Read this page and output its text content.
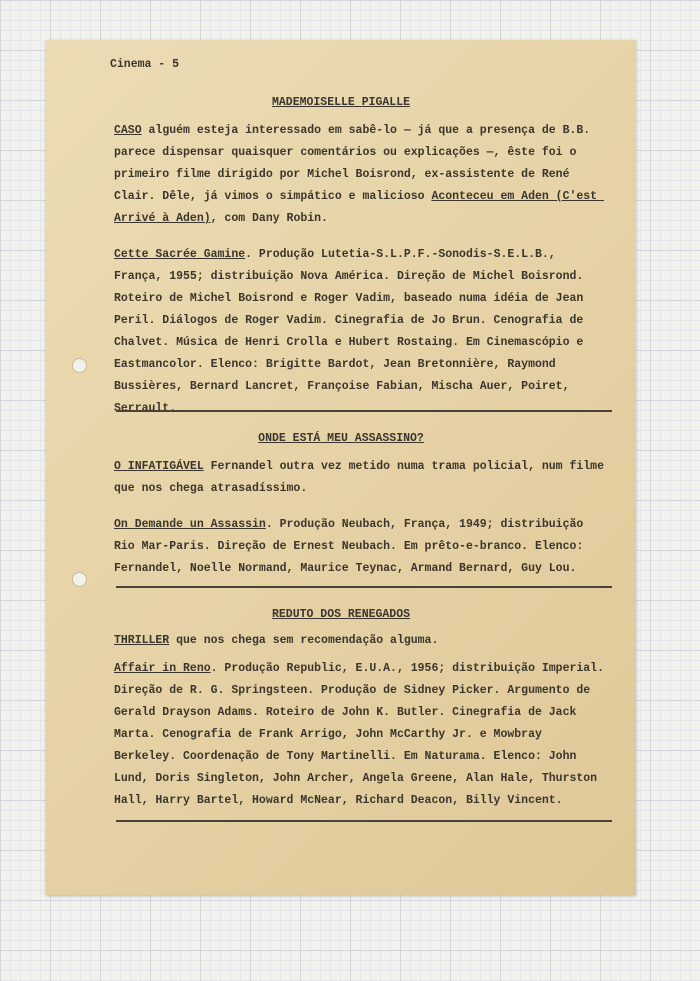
Cinema - 5
MADEMOISELLE PIGALLE
CASO alguém esteja interessado em sabê-lo — já que a presença de B.B. parece dispensar quaisquer comentários ou explicações —, êste foi o primeiro filme dirigido por Michel Boisrond, ex-assistente de René Clair. Dêle, já vimos o simpático e malicioso Aconteceu em Aden (C'est Arrivé à Aden), com Dany Robin.
Cette Sacrée Gamine. Produção Lutetia-S.L.P.F.-Sonodis-S.E.L.B., França, 1955; distribuição Nova América. Direção de Michel Boisrond. Roteiro de Michel Boisrond e Roger Vadim, baseado numa idéia de Jean Peril. Diálogos de Roger Vadim. Cinegrafia de Jo Brun. Cenografia de Chalvet. Música de Henri Crolla e Hubert Rostaing. Em Cinemascópio e Eastmancolor. Elenco: Brigitte Bardot, Jean Bretonnière, Raymond Bussières, Bernard Lancret, Françoise Fabian, Mischa Auer, Poiret, Serrault.
ONDE ESTÁ MEU ASSASSINO?
O INFATIGÁVEL Fernandel outra vez metido numa trama policial, num filme que nos chega atrasadíssimo.
On Demande un Assassin. Produção Neubach, França, 1949; distribuição Rio Mar-Paris. Direção de Ernest Neubach. Em prêto-e-branco. Elenco: Fernandel, Noelle Normand, Maurice Teynac, Armand Bernard, Guy Lou.
REDUTO DOS RENEGADOS
THRILLER que nos chega sem recomendação alguma.
Affair in Reno. Produção Republic, E.U.A., 1956; distribuição Imperial. Direção de R. G. Springsteen. Produção de Sidney Picker. Argumento de Gerald Drayson Adams. Roteiro de John K. Butler. Cinegrafia de Jack Marta. Cenografia de Frank Arrigo, John McCarthy Jr. e Mowbray Berkeley. Coordenação de Tony Martinelli. Em Naturama. Elenco: John Lund, Doris Singleton, John Archer, Angela Greene, Alan Hale, Thurston Hall, Harry Bartel, Howard McNear, Richard Deacon, Billy Vincent.
